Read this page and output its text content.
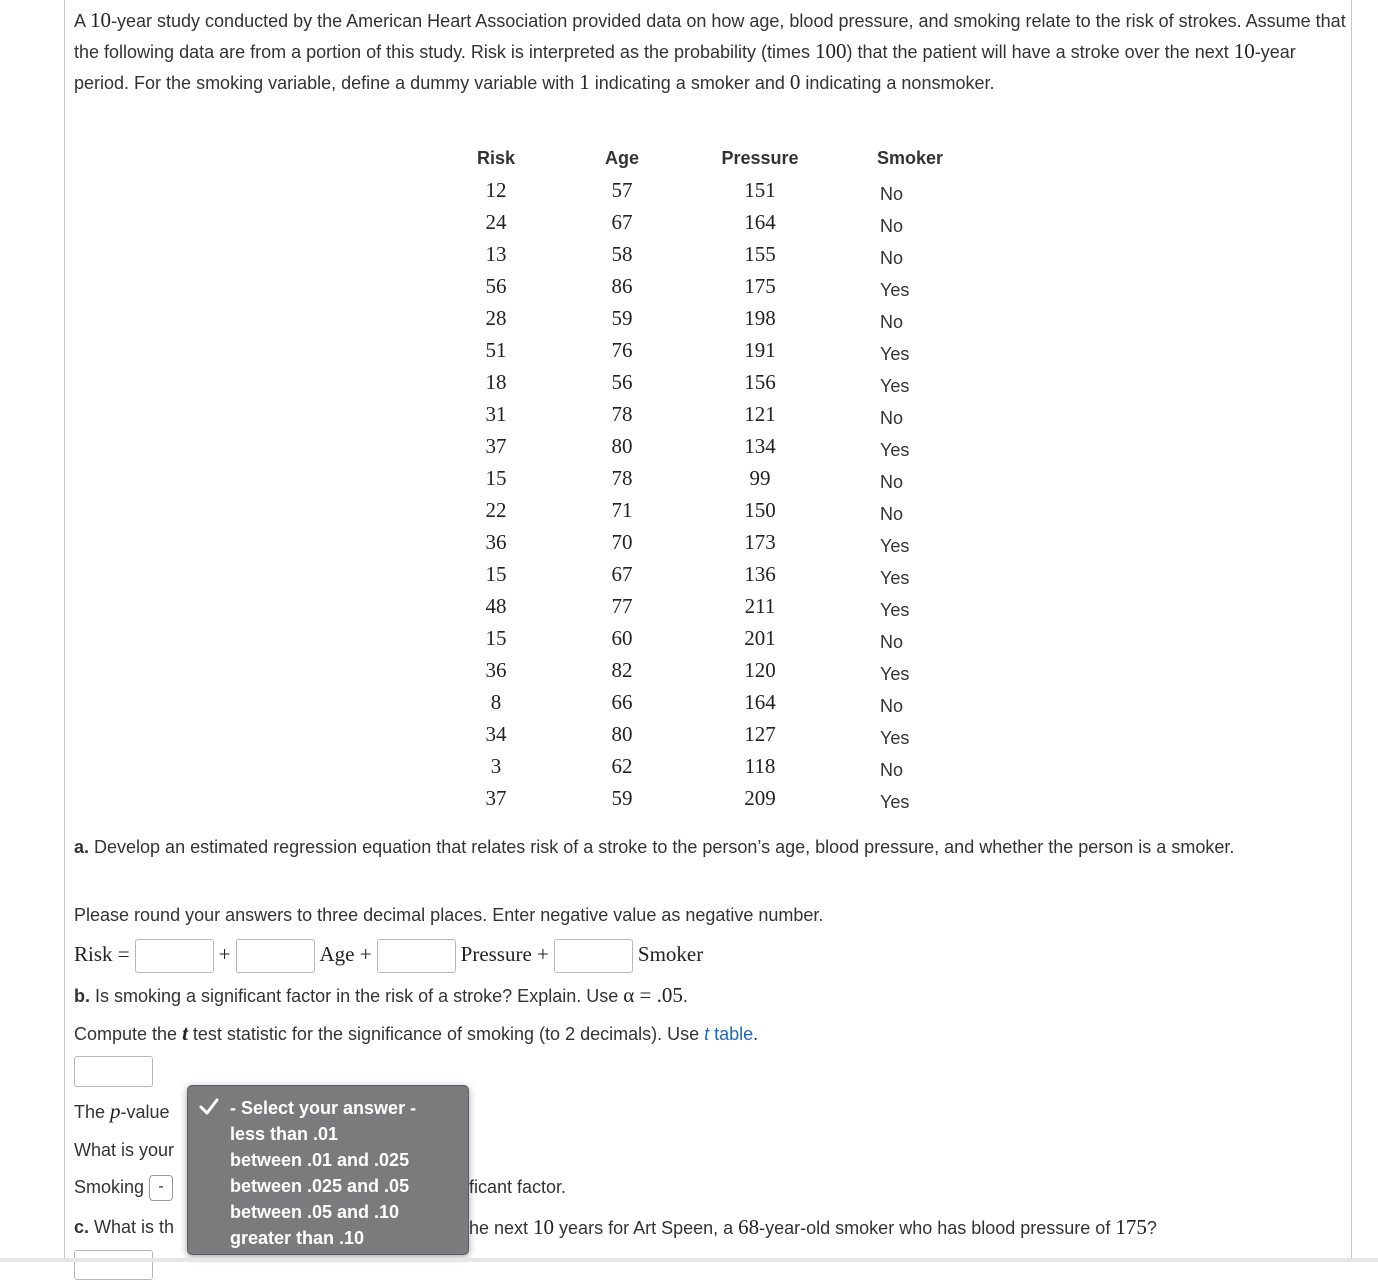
A 10-year study conducted by the American Heart Association provided data on how age, blood pressure, and smoking relate to the risk of strokes. Assume that the following data are from a portion of this study. Risk is interpreted as the probability (times 100) that the patient will have a stroke over the next 10-year period. For the smoking variable, define a dummy variable with 1 indicating a smoker and 0 indicating a nonsmoker.
Risk	Age	Pressure	Smoker
12	57	151	No
24	67	164	No
13	58	155	No
56	86	175	Yes
28	59	198	No
51	76	191	Yes
18	56	156	Yes
31	78	121	No
37	80	134	Yes
15	78	99	No
22	71	150	No
36	70	173	Yes
15	67	136	Yes
48	77	211	Yes
15	60	201	No
36	82	120	Yes
8	66	164	No
34	80	127	Yes
3	62	118	No
37	59	209	Yes
a. Develop an estimated regression equation that relates risk of a stroke to the person’s age, blood pressure, and whether the person is a smoker.
Please round your answers to three decimal places. Enter negative value as negative number.
Risk =	+	Age +	Pressure +	Smoker
b. Is smoking a significant factor in the risk of a stroke? Explain. Use α = .05.
Compute the t test statistic for the significance of smoking (to 2 decimals). Use t table.
The p-value
What is your
Smoking -	ficant factor.
c. What is th	he next 10 years for Art Speen, a 68-year-old smoker who has blood pressure of 175?
- Select your answer -
less than .01
between .01 and .025
between .025 and .05
between .05 and .10
greater than .10
